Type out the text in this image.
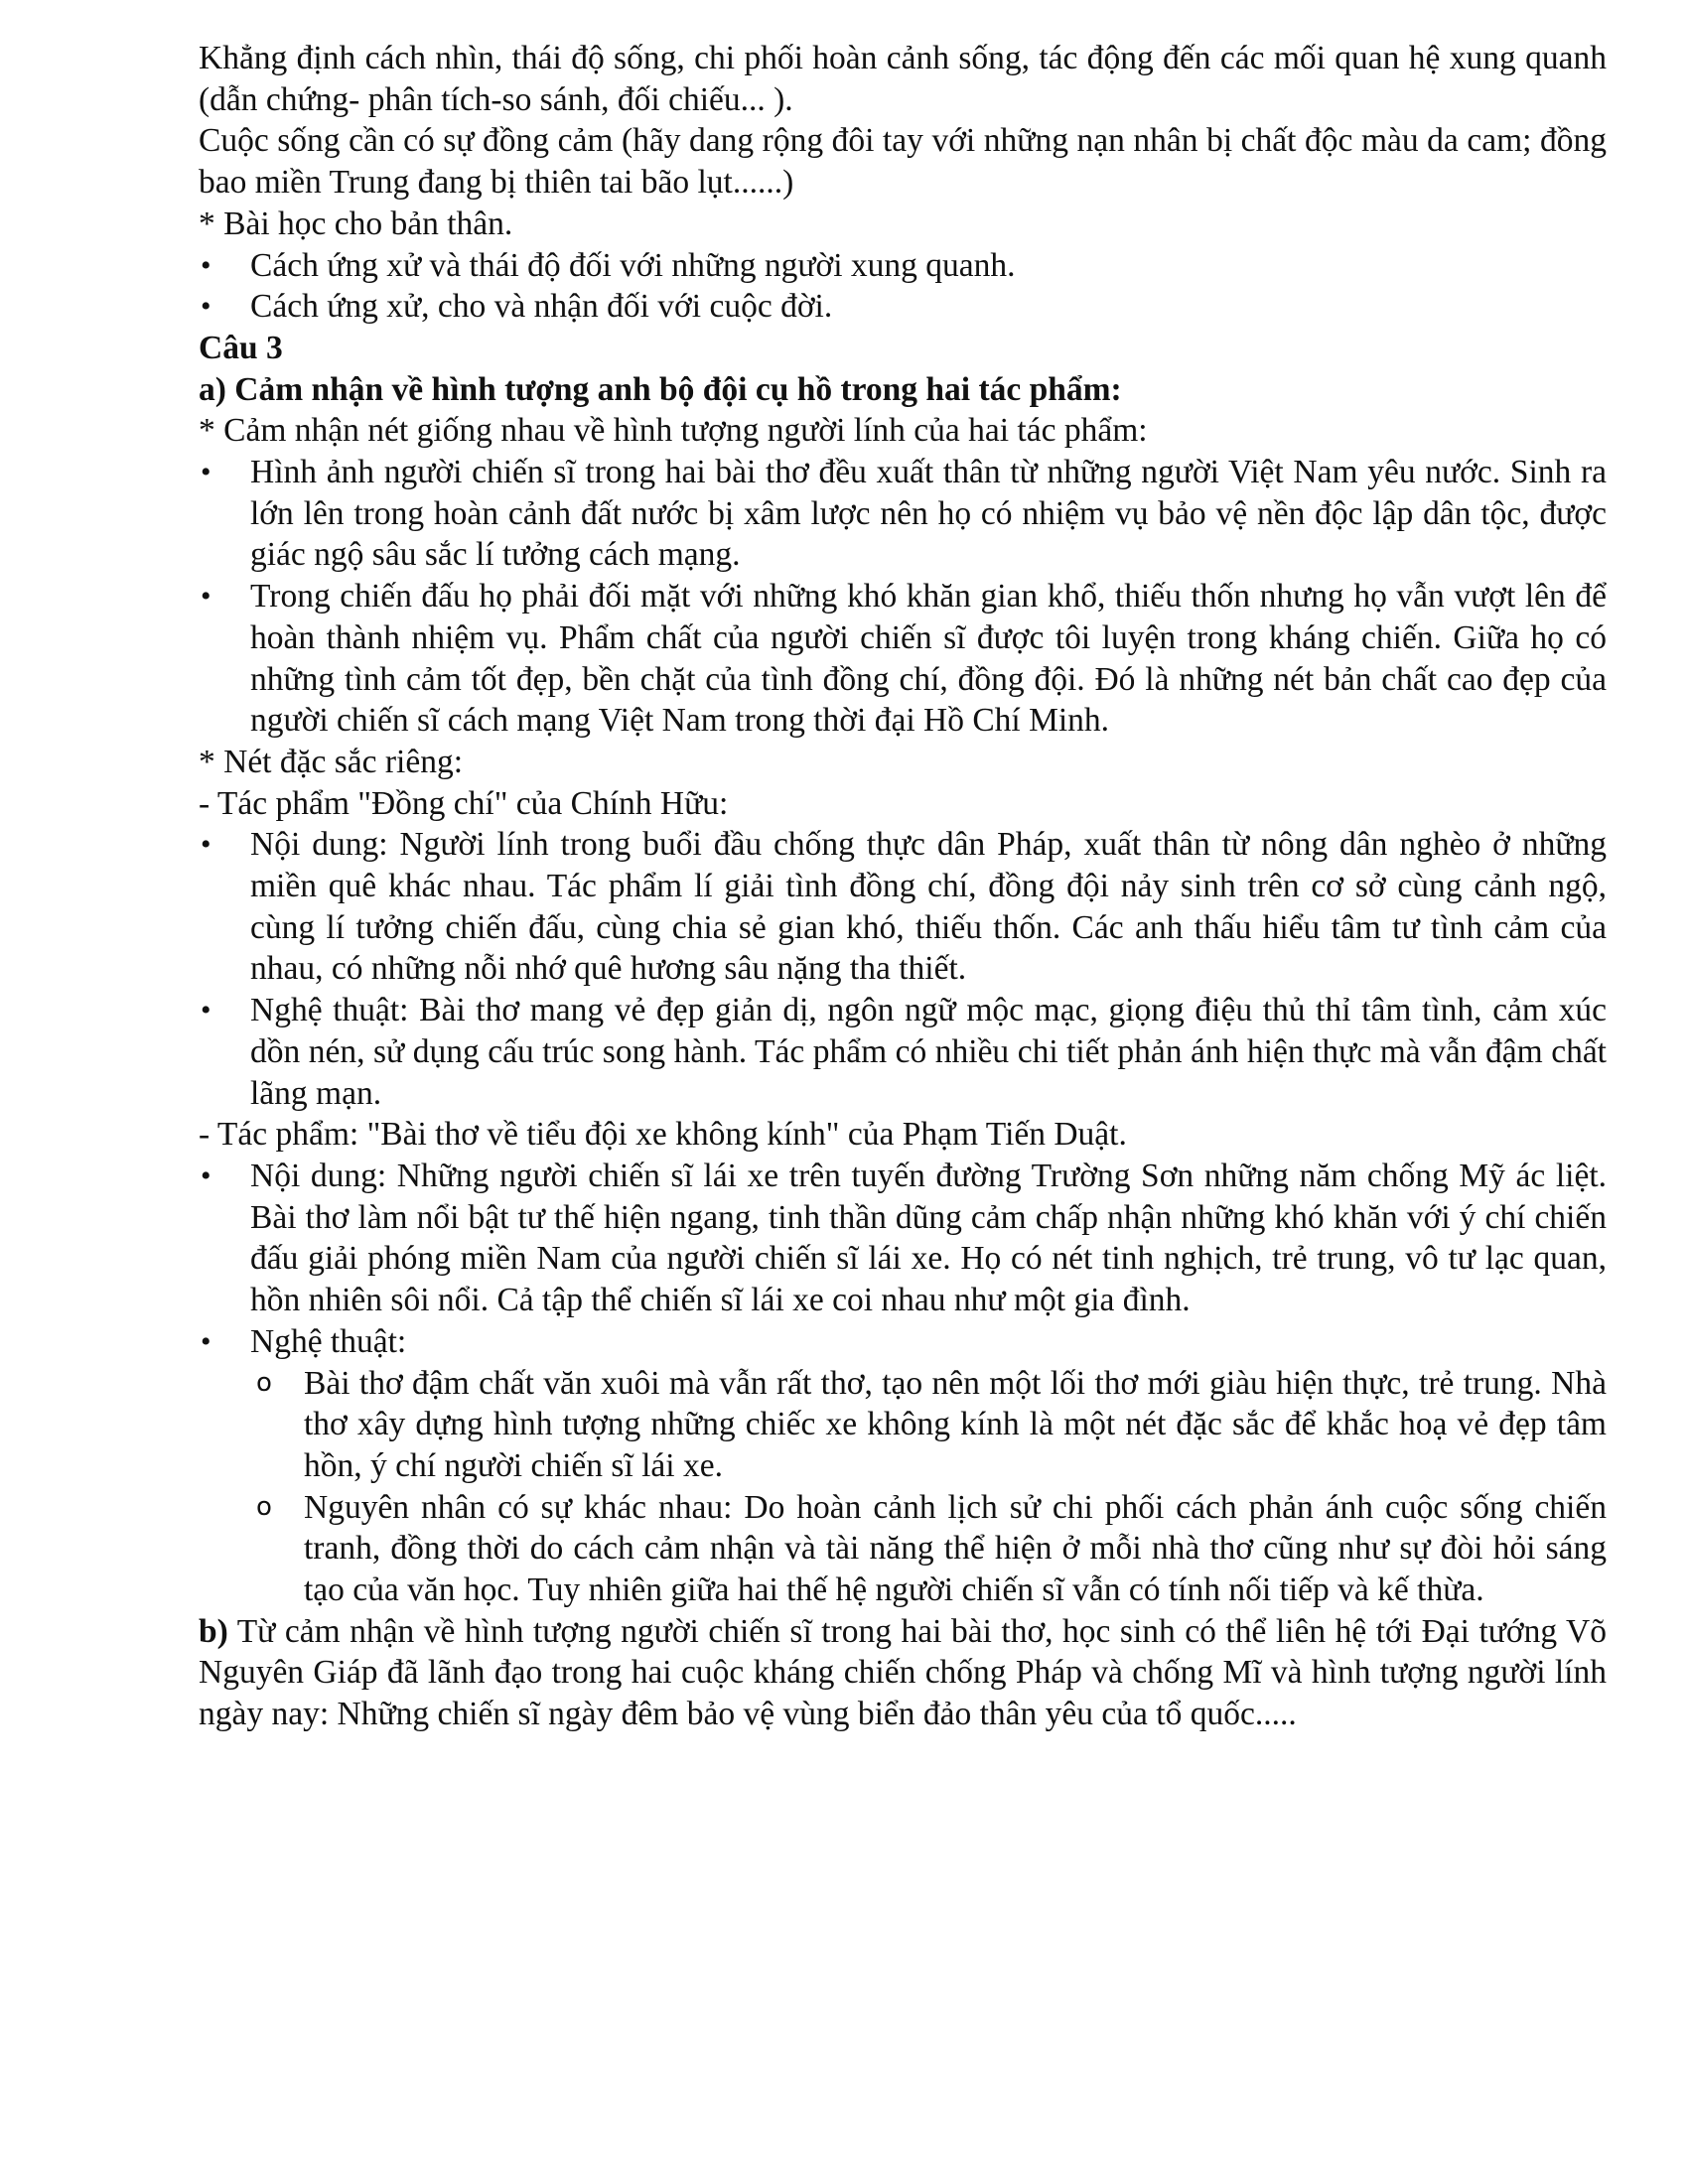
Khẳng định cách nhìn, thái độ sống, chi phối hoàn cảnh sống, tác động đến các mối quan hệ xung quanh (dẫn chứng- phân tích-so sánh, đối chiếu... ).

Cuộc sống cần có sự đồng cảm (hãy dang rộng đôi tay với những nạn nhân bị chất độc màu da cam; đồng bao miền Trung đang bị thiên tai bão lụt......)

* Bài học cho bản thân.

• Cách ứng xử và thái độ đối với những người xung quanh.
• Cách ứng xử, cho và nhận đối với cuộc đời.

Câu 3

a) Cảm nhận về hình tượng anh bộ đội cụ hồ trong hai tác phẩm:

* Cảm nhận nét giống nhau về hình tượng người lính của hai tác phẩm:

• Hình ảnh người chiến sĩ trong hai bài thơ đều xuất thân từ những người Việt Nam yêu nước. Sinh ra lớn lên trong hoàn cảnh đất nước bị xâm lược nên họ có nhiệm vụ bảo vệ nền độc lập dân tộc, được giác ngộ sâu sắc lí tưởng cách mạng.
• Trong chiến đấu họ phải đối mặt với những khó khăn gian khổ, thiếu thốn nhưng họ vẫn vượt lên để hoàn thành nhiệm vụ. Phẩm chất của người chiến sĩ được tôi luyện trong kháng chiến. Giữa họ có những tình cảm tốt đẹp, bền chặt của tình đồng chí, đồng đội. Đó là những nét bản chất cao đẹp của người chiến sĩ cách mạng Việt Nam trong thời đại Hồ Chí Minh.

* Nét đặc sắc riêng:

- Tác phẩm "Đồng chí" của Chính Hữu:

• Nội dung: Người lính trong buổi đầu chống thực dân Pháp, xuất thân từ nông dân nghèo ở những miền quê khác nhau. Tác phẩm lí giải tình đồng chí, đồng đội nảy sinh trên cơ sở cùng cảnh ngộ, cùng lí tưởng chiến đấu, cùng chia sẻ gian khó, thiếu thốn. Các anh thấu hiểu tâm tư tình cảm của nhau, có những nỗi nhớ quê hương sâu nặng tha thiết.
• Nghệ thuật: Bài thơ mang vẻ đẹp giản dị, ngôn ngữ mộc mạc, giọng điệu thủ thỉ tâm tình, cảm xúc dồn nén, sử dụng cấu trúc song hành. Tác phẩm có nhiều chi tiết phản ánh hiện thực mà vẫn đậm chất lãng mạn.

- Tác phẩm: "Bài thơ về tiểu đội xe không kính" của Phạm Tiến Duật.

• Nội dung: Những người chiến sĩ lái xe trên tuyến đường Trường Sơn những năm chống Mỹ ác liệt. Bài thơ làm nổi bật tư thế hiện ngang, tinh thần dũng cảm chấp nhận những khó khăn với ý chí chiến đấu giải phóng miền Nam của người chiến sĩ lái xe. Họ có nét tinh nghịch, trẻ trung, vô tư lạc quan, hồn nhiên sôi nổi. Cả tập thể chiến sĩ lái xe coi nhau như một gia đình.
• Nghệ thuật:
o Bài thơ đậm chất văn xuôi mà vẫn rất thơ, tạo nên một lối thơ mới giàu hiện thực, trẻ trung. Nhà thơ xây dựng hình tượng những chiếc xe không kính là một nét đặc sắc để khắc hoạ vẻ đẹp tâm hồn, ý chí người chiến sĩ lái xe.
o Nguyên nhân có sự khác nhau: Do hoàn cảnh lịch sử chi phối cách phản ánh cuộc sống chiến tranh, đồng thời do cách cảm nhận và tài năng thể hiện ở mỗi nhà thơ cũng như sự đòi hỏi sáng tạo của văn học. Tuy nhiên giữa hai thế hệ người chiến sĩ vẫn có tính nối tiếp và kế thừa.

b) Từ cảm nhận về hình tượng người chiến sĩ trong hai bài thơ, học sinh có thể liên hệ tới Đại tướng Võ Nguyên Giáp đã lãnh đạo trong hai cuộc kháng chiến chống Pháp và chống Mĩ và hình tượng người lính ngày nay: Những chiến sĩ ngày đêm bảo vệ vùng biển đảo thân yêu của tổ quốc.....
